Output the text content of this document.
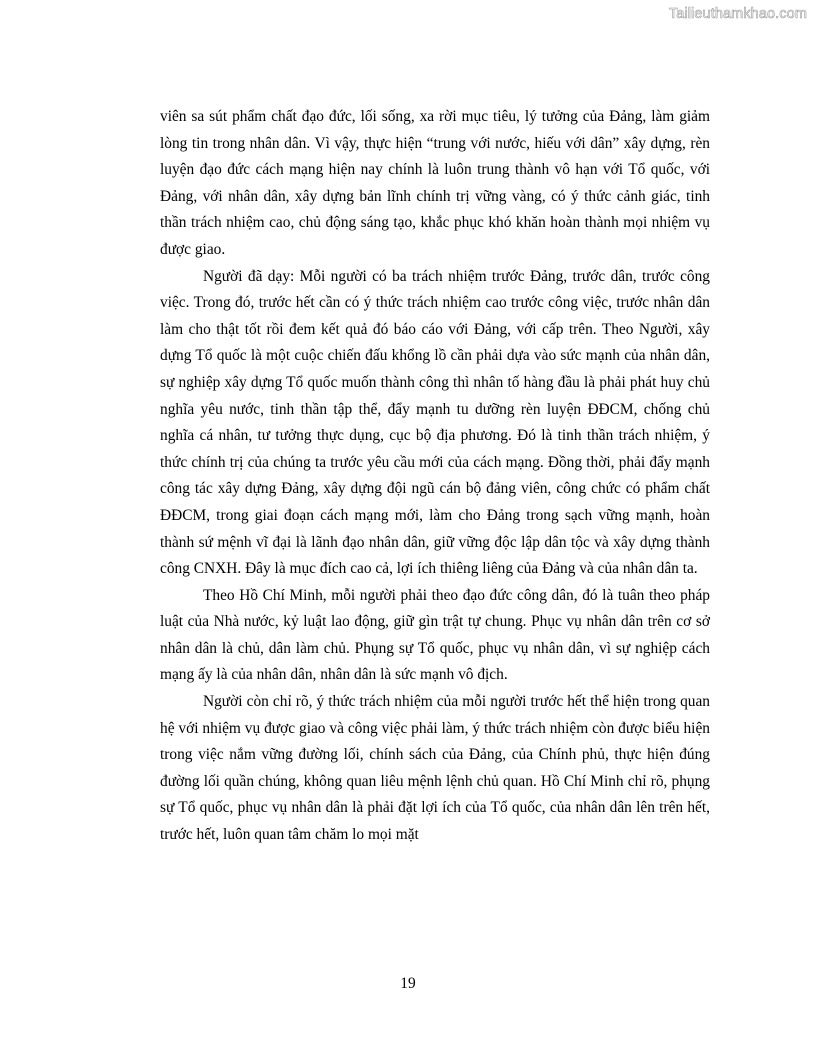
Tailieuthamkhao.com

viên sa sút phẩm chất đạo đức, lối sống, xa rời mục tiêu, lý tưởng của Đảng, làm giảm lòng tin trong nhân dân. Vì vậy, thực hiện “trung với nước, hiếu với dân” xây dựng, rèn luyện đạo đức cách mạng hiện nay chính là luôn trung thành vô hạn với Tổ quốc, với Đảng, với nhân dân, xây dựng bản lĩnh chính trị vững vàng, có ý thức cảnh giác, tinh thần trách nhiệm cao, chủ động sáng tạo, khắc phục khó khăn hoàn thành mọi nhiệm vụ được giao.

Người đã dạy: Mỗi người có ba trách nhiệm trước Đảng, trước dân, trước công việc. Trong đó, trước hết cần có ý thức trách nhiệm cao trước công việc, trước nhân dân làm cho thật tốt rồi đem kết quả đó báo cáo với Đảng, với cấp trên. Theo Người, xây dựng Tổ quốc là một cuộc chiến đấu khổng lồ cần phải dựa vào sức mạnh của nhân dân, sự nghiệp xây dựng Tổ quốc muốn thành công thì nhân tố hàng đầu là phải phát huy chủ nghĩa yêu nước, tinh thần tập thể, đẩy mạnh tu dưỡng rèn luyện ĐĐCM, chống chủ nghĩa cá nhân, tư tưởng thực dụng, cục bộ địa phương. Đó là tinh thần trách nhiệm, ý thức chính trị của chúng ta trước yêu cầu mới của cách mạng. Đồng thời, phải đẩy mạnh công tác xây dựng Đảng, xây dựng đội ngũ cán bộ đảng viên, công chức có phẩm chất ĐĐCM, trong giai đoạn cách mạng mới, làm cho Đảng trong sạch vững mạnh, hoàn thành sứ mệnh vĩ đại là lãnh đạo nhân dân, giữ vững độc lập dân tộc và xây dựng thành công CNXH. Đây là mục đích cao cả, lợi ích thiêng liêng của Đảng và của nhân dân ta.

Theo Hồ Chí Minh, mỗi người phải theo đạo đức công dân, đó là tuân theo pháp luật của Nhà nước, kỷ luật lao động, giữ gìn trật tự chung. Phục vụ nhân dân trên cơ sở nhân dân là chủ, dân làm chủ. Phụng sự Tổ quốc, phục vụ nhân dân, vì sự nghiệp cách mạng ấy là của nhân dân, nhân dân là sức mạnh vô địch.

Người còn chỉ rõ, ý thức trách nhiệm của mỗi người trước hết thể hiện trong quan hệ với nhiệm vụ được giao và công việc phải làm, ý thức trách nhiệm còn được biểu hiện trong việc nắm vững đường lối, chính sách của Đảng, của Chính phủ, thực hiện đúng đường lối quần chúng, không quan liêu mệnh lệnh chủ quan. Hồ Chí Minh chỉ rõ, phụng sự Tổ quốc, phục vụ nhân dân là phải đặt lợi ích của Tổ quốc, của nhân dân lên trên hết, trước hết, luôn quan tâm chăm lo mọi mặt

19
